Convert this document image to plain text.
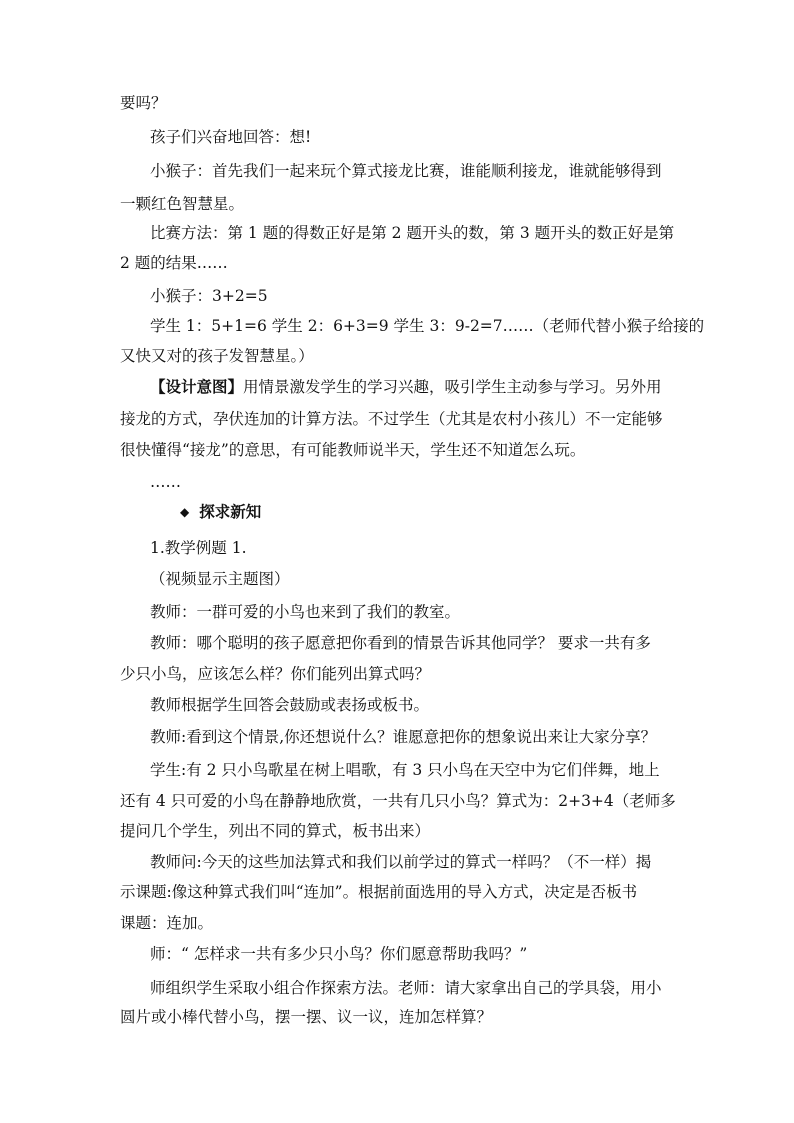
要吗？
孩子们兴奋地回答：想!
小猴子：首先我们一起来玩个算式接龙比赛，谁能顺利接龙，谁就能够得到
一颗红色智慧星。
比赛方法：第 1 题的得数正好是第 2 题开头的数，第 3 题开头的数正好是第
2 题的结果……
小猴子：3+2=5
学生 1：5+1=6 学生 2：6+3=9 学生 3：9-2=7……（老师代替小猴子给接的
又快又对的孩子发智慧星。）
【设计意图】用情景激发学生的学习兴趣，吸引学生主动参与学习。另外用
接龙的方式，孕伏连加的计算方法。不过学生（尤其是农村小孩儿）不一定能够
很快懂得“接龙”的意思，有可能教师说半天，学生还不知道怎么玩。
……
◆ 探求新知
1.教学例题 1.
（视频显示主题图）
教师：一群可爱的小鸟也来到了我们的教室。
教师：哪个聪明的孩子愿意把你看到的情景告诉其他同学？ 要求一共有多
少只小鸟，应该怎么样？你们能列出算式吗？
教师根据学生回答会鼓励或表扬或板书。
教师:看到这个情景,你还想说什么？谁愿意把你的想象说出来让大家分享？
学生:有 2 只小鸟歌星在树上唱歌，有 3 只小鸟在天空中为它们伴舞，地上
还有 4 只可爱的小鸟在静静地欣赏，一共有几只小鸟？算式为：2+3+4（老师多
提问几个学生，列出不同的算式，板书出来）
教师问:今天的这些加法算式和我们以前学过的算式一样吗？（不一样）揭
示课题:像这种算式我们叫“连加”。根据前面选用的导入方式，决定是否板书
课题：连加。
师：“ 怎样求一共有多少只小鸟？你们愿意帮助我吗？”
师组织学生采取小组合作探索方法。老师：请大家拿出自己的学具袋，用小
圆片或小棒代替小鸟，摆一摆、议一议，连加怎样算？
